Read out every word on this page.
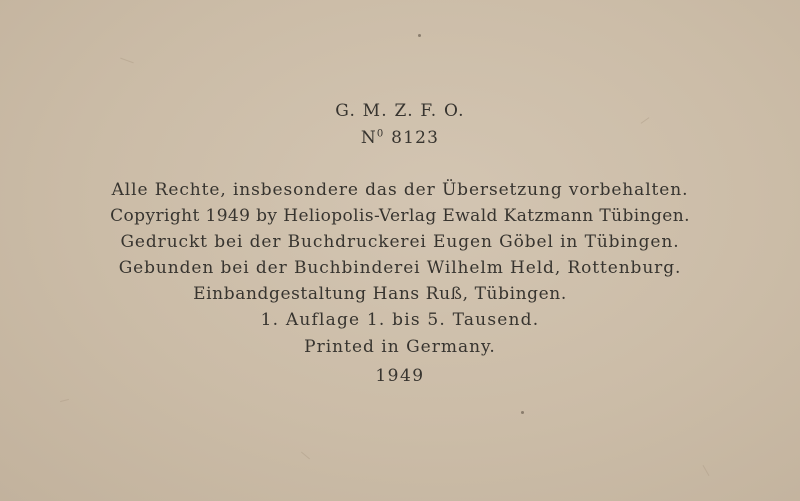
G. M. Z. F. O.
$N^0$ 8123
Alle Rechte, insbesondere das der Übersetzung vorbehalten.
Copyright 1949 by Heliopolis-Verlag Ewald Katzmann Tübingen.
Gedruckt bei der Buchdruckerei Eugen Göbel in Tübingen.
Gebunden bei der Buchbinderei Wilhelm Held, Rottenburg.
Einbandgestaltung Hans Ruß, Tübingen.
1. Auflage 1. bis 5. Tausend.
Printed in Germany.
1949
